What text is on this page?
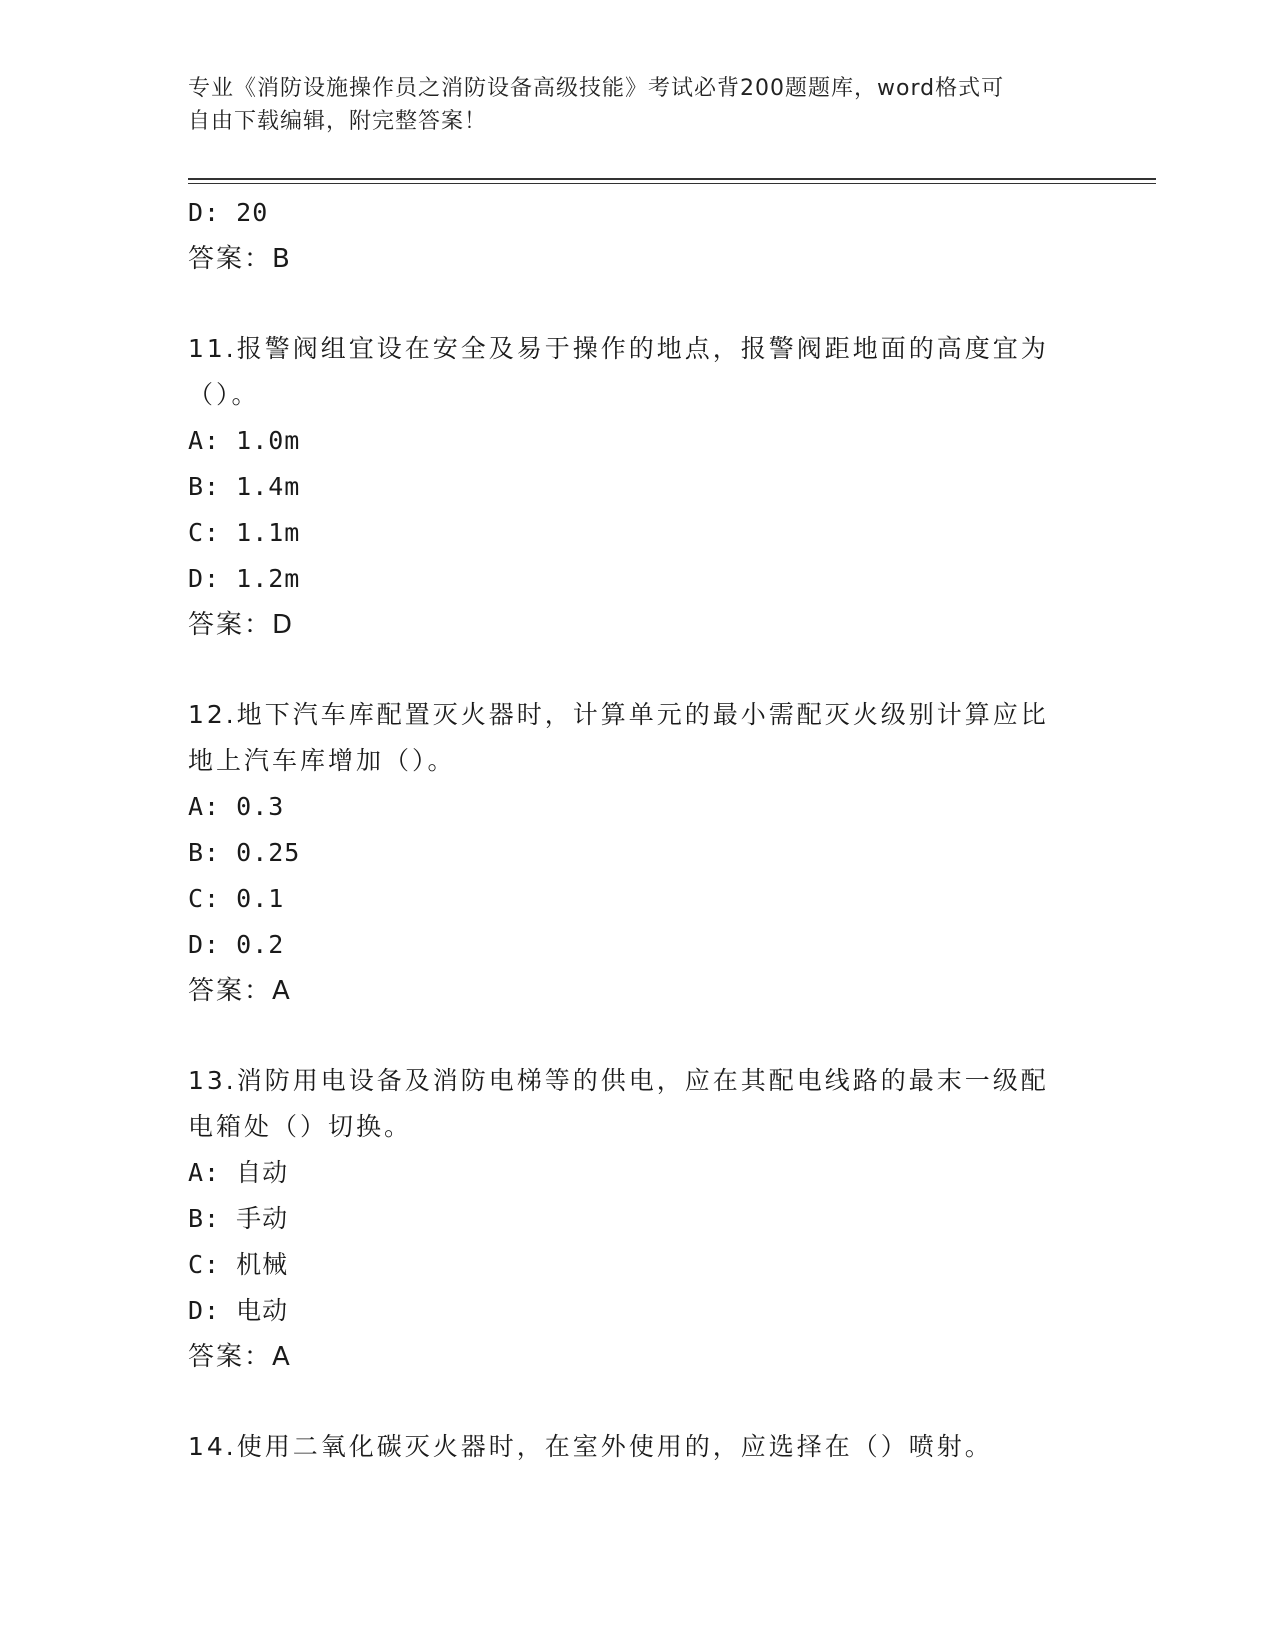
专业《消防设施操作员之消防设备高级技能》考试必背200题题库，word格式可
自由下载编辑，附完整答案！
D: 20
答案：B
11.报警阀组宜设在安全及易于操作的地点，报警阀距地面的高度宜为
（）。
A: 1.0m
B: 1.4m
C: 1.1m
D: 1.2m
答案：D
12.地下汽车库配置灭火器时，计算单元的最小需配灭火级别计算应比
地上汽车库增加（）。
A: 0.3
B: 0.25
C: 0.1
D: 0.2
答案：A
13.消防用电设备及消防电梯等的供电，应在其配电线路的最末一级配
电箱处（）切换。
A: 自动
B: 手动
C: 机械
D: 电动
答案：A
14.使用二氧化碳灭火器时，在室外使用的，应选择在（）喷射。
